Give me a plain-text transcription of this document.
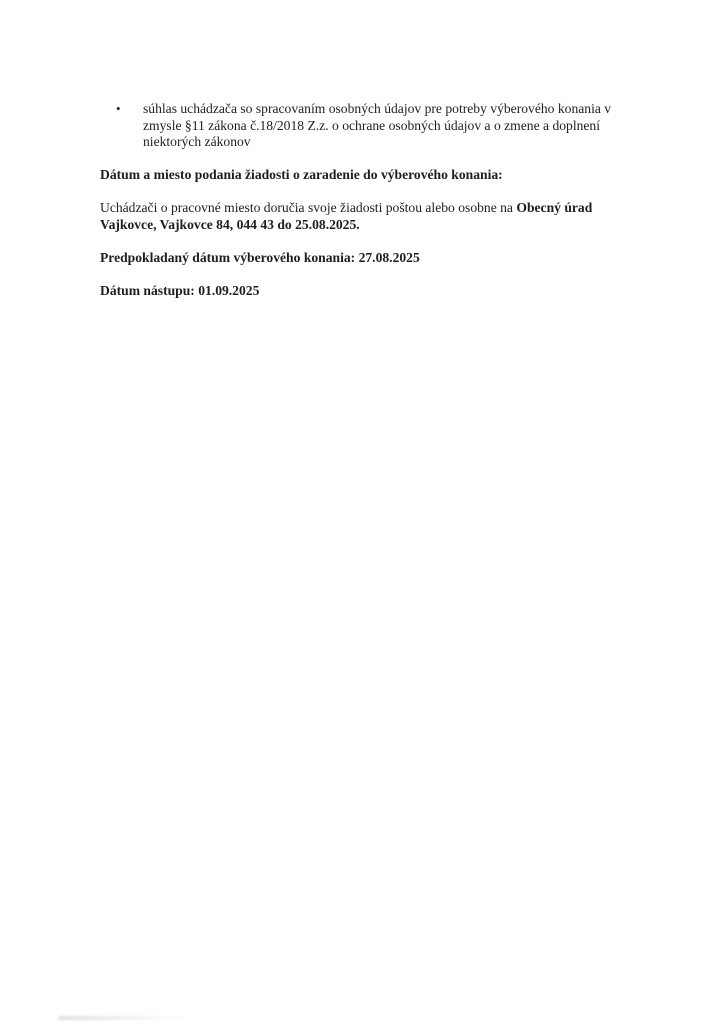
•	súhlas uchádzača so spracovaním osobných údajov pre potreby výberového konania v zmysle §11 zákona č.18/2018 Z.z. o ochrane osobných údajov a o zmene a doplnení niektorých zákonov

Dátum a miesto podania žiadosti o zaradenie do výberového konania:

Uchádzači o pracovné miesto doručia svoje žiadosti poštou alebo osobne na Obecný úrad Vajkovce, Vajkovce 84, 044 43 do 25.08.2025.

Predpokladaný dátum výberového konania: 27.08.2025

Dátum nástupu: 01.09.2025
